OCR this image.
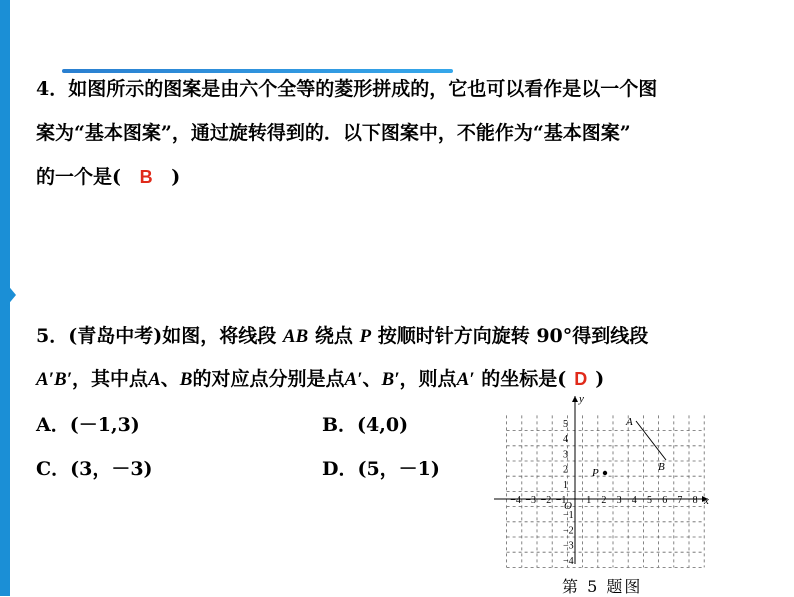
4．如图所示的图案是由六个全等的菱形拼成的，它也可以看作是以一个图
案为“基本图案”，通过旋转得到的．以下图案中，不能作为“基本图案”
的一个是( B )
5．(青岛中考)如图，将线段 AB 绕点 P 按顺时针方向旋转 90°得到线段
A′B′，其中点A、B的对应点分别是点A′、B′，则点A′ 的坐标是( D )
A．(－1,3)	B．(4,0)
C．(3，－3)	D．(5，－1)
x
y
O
−4 −3 −2 −1 1 2 3 4 5 6 7 8
5
4
3
2
1
−1
−2
−3
−4
A
B
P
第 5 题图
